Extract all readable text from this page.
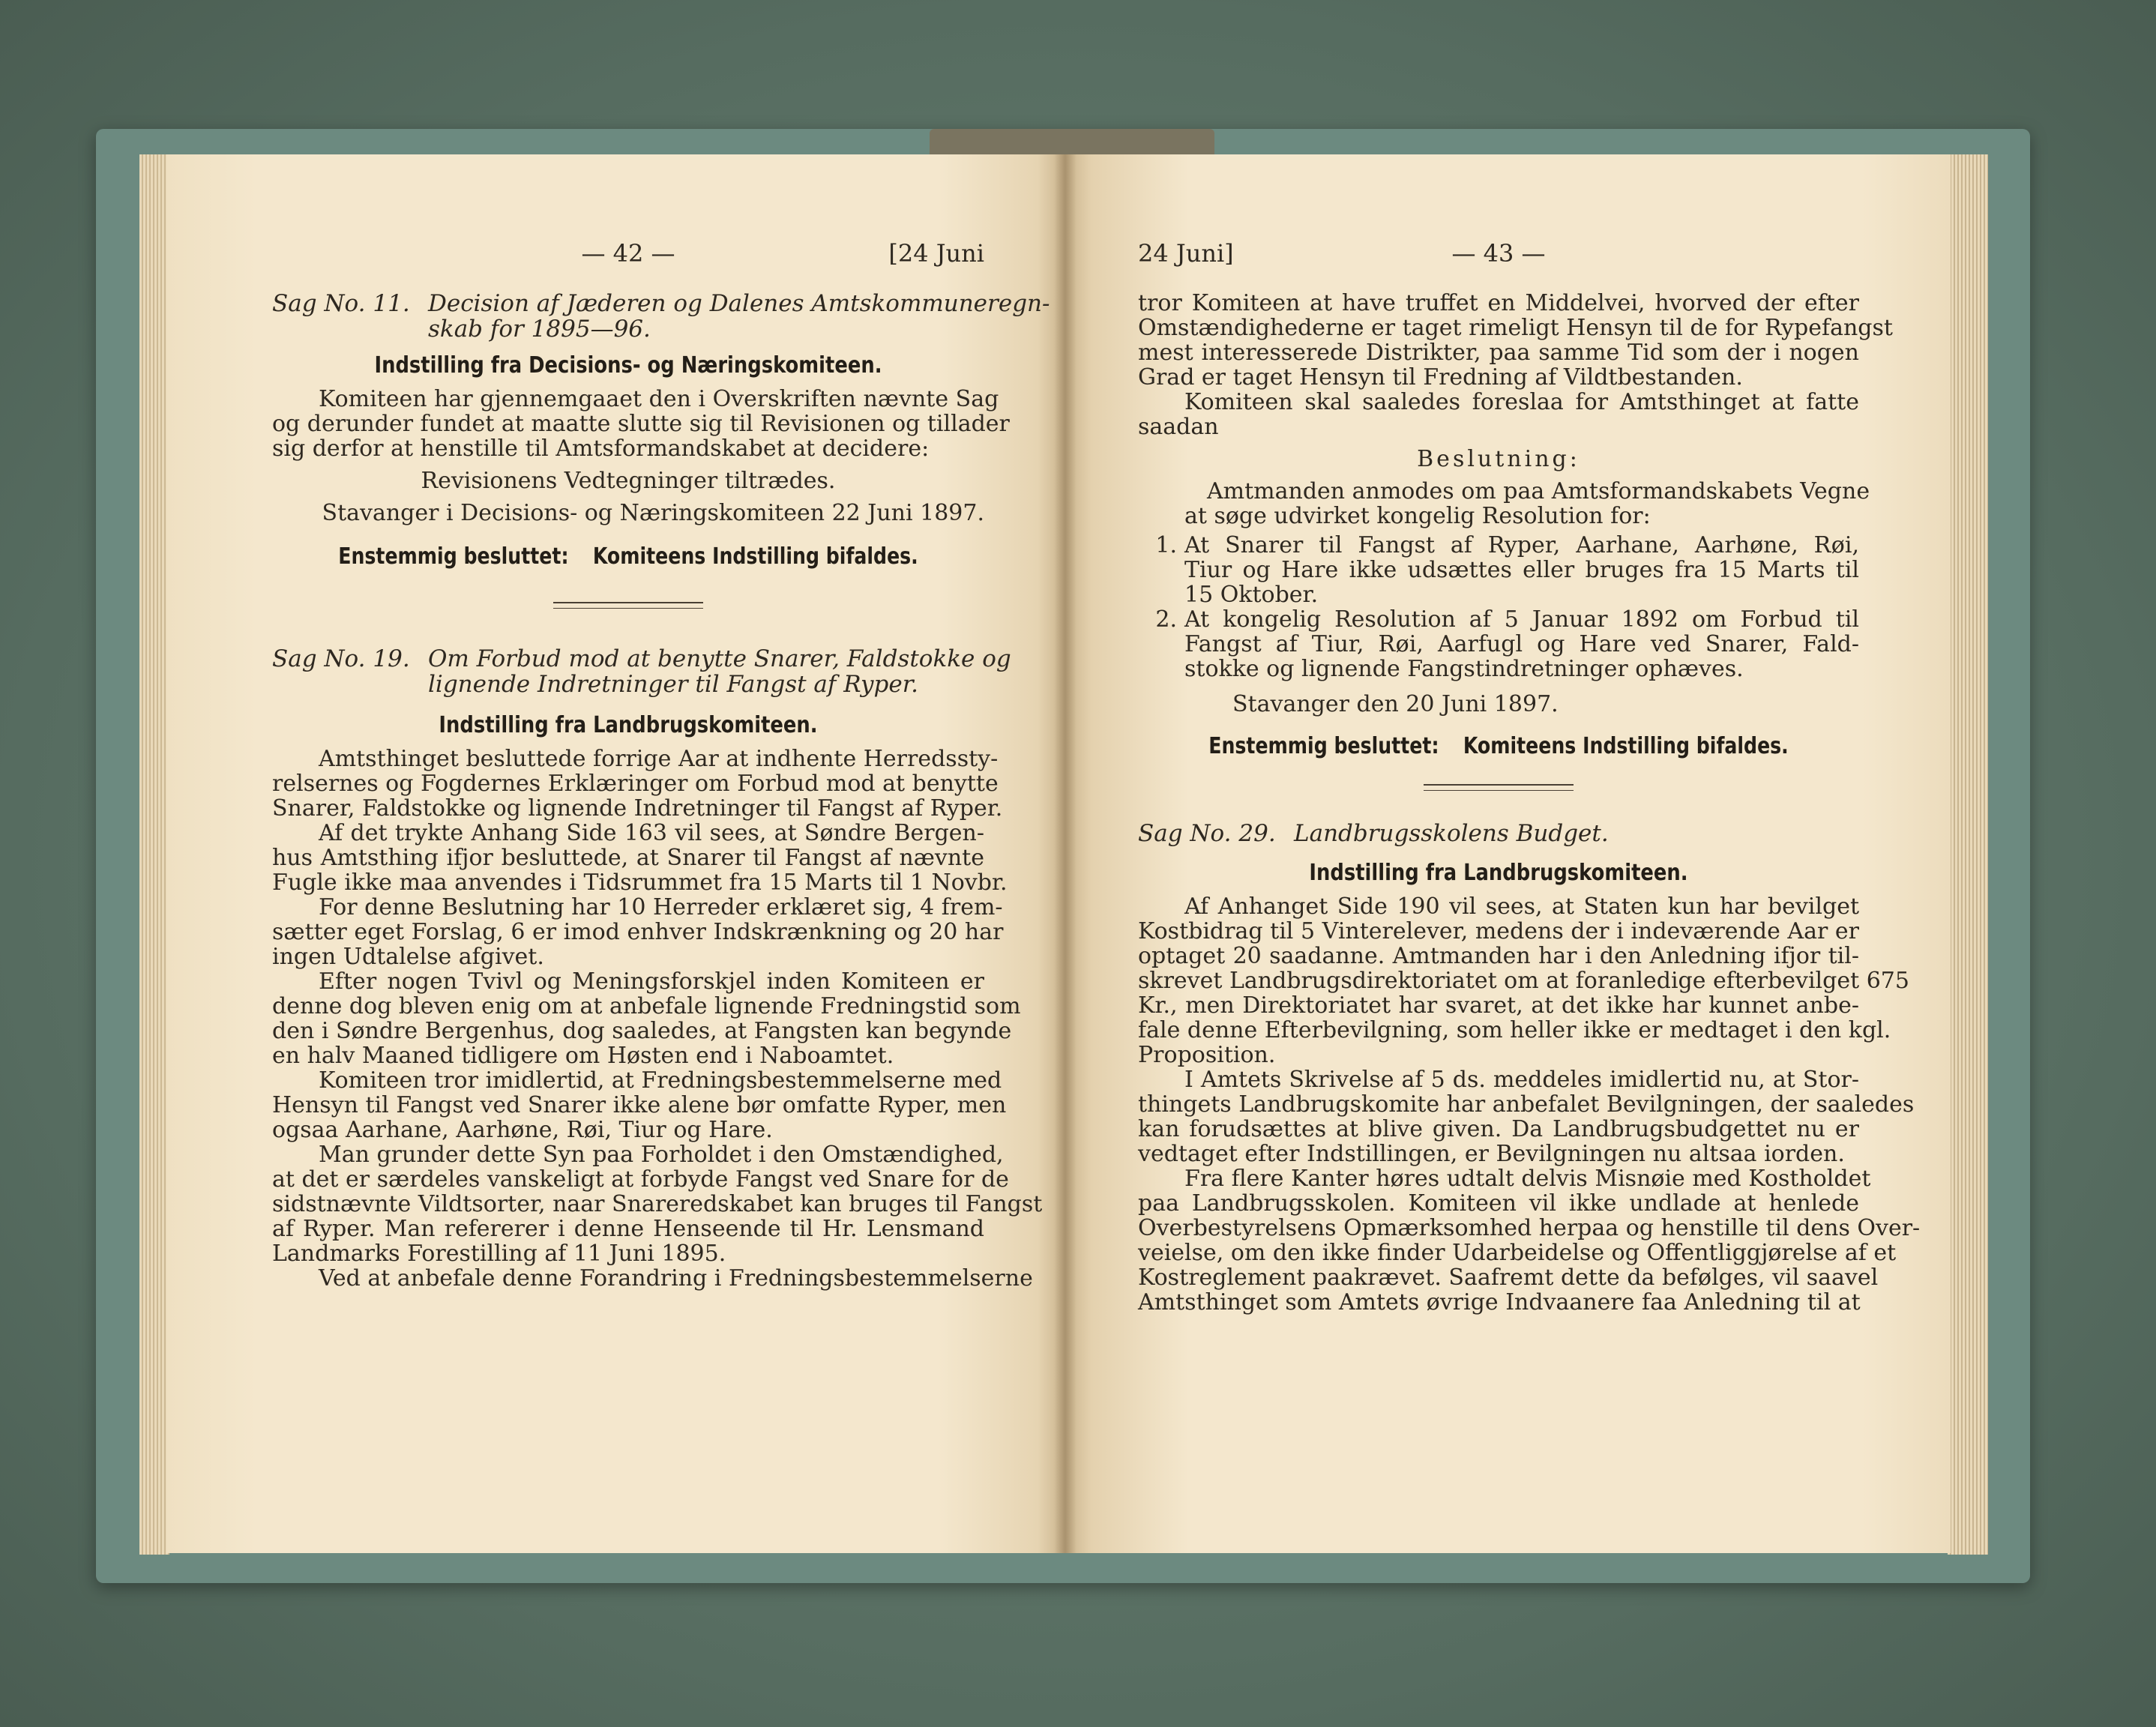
— 42 —	[24 Juni
Sag No. 11. Decision af Jæderen og Dalenes Amtskommuneregn-
skab for 1895—96.
Indstilling fra Decisions- og Næringskomiteen.
Komiteen har gjennemgaaet den i Overskriften nævnte Sag
og derunder fundet at maatte slutte sig til Revisionen og tillader
sig derfor at henstille til Amtsformandskabet at decidere:
Revisionens Vedtegninger tiltrædes.
Stavanger i Decisions- og Næringskomiteen 22 Juni 1897.
Enstemmig besluttet: Komiteens Indstilling bifaldes.
Sag No. 19. Om Forbud mod at benytte Snarer, Faldstokke og
lignende Indretninger til Fangst af Ryper.
Indstilling fra Landbrugskomiteen.
Amtsthinget besluttede forrige Aar at indhente Herredssty-
relsernes og Fogdernes Erklæringer om Forbud mod at benytte
Snarer, Faldstokke og lignende Indretninger til Fangst af Ryper.
Af det trykte Anhang Side 163 vil sees, at Søndre Bergen-
hus Amtsthing ifjor besluttede, at Snarer til Fangst af nævnte
Fugle ikke maa anvendes i Tidsrummet fra 15 Marts til 1 Novbr.
For denne Beslutning har 10 Herreder erklæret sig, 4 frem-
sætter eget Forslag, 6 er imod enhver Indskrænkning og 20 har
ingen Udtalelse afgivet.
Efter nogen Tvivl og Meningsforskjel inden Komiteen er
denne dog bleven enig om at anbefale lignende Fredningstid som
den i Søndre Bergenhus, dog saaledes, at Fangsten kan begynde
en halv Maaned tidligere om Høsten end i Naboamtet.
Komiteen tror imidlertid, at Fredningsbestemmelserne med
Hensyn til Fangst ved Snarer ikke alene bør omfatte Ryper, men
ogsaa Aarhane, Aarhøne, Røi, Tiur og Hare.
Man grunder dette Syn paa Forholdet i den Omstændighed,
at det er særdeles vanskeligt at forbyde Fangst ved Snare for de
sidstnævnte Vildtsorter, naar Snareredskabet kan bruges til Fangst
af Ryper. Man refererer i denne Henseende til Hr. Lensmand
Landmarks Forestilling af 11 Juni 1895.
Ved at anbefale denne Forandring i Fredningsbestemmelserne
24 Juni]	— 43 —
tror Komiteen at have truffet en Middelvei, hvorved der efter
Omstændighederne er taget rimeligt Hensyn til de for Rypefangst
mest interesserede Distrikter, paa samme Tid som der i nogen
Grad er taget Hensyn til Fredning af Vildtbestanden.
Komiteen skal saaledes foreslaa for Amtsthinget at fatte
saadan
Beslutning:
Amtmanden anmodes om paa Amtsformandskabets Vegne
at søge udvirket kongelig Resolution for:
1. At Snarer til Fangst af Ryper, Aarhane, Aarhøne, Røi,
Tiur og Hare ikke udsættes eller bruges fra 15 Marts til
15 Oktober.
2. At kongelig Resolution af 5 Januar 1892 om Forbud til
Fangst af Tiur, Røi, Aarfugl og Hare ved Snarer, Fald-
stokke og lignende Fangstindretninger ophæves.
Stavanger den 20 Juni 1897.
Enstemmig besluttet: Komiteens Indstilling bifaldes.
Sag No. 29. Landbrugsskolens Budget.
Indstilling fra Landbrugskomiteen.
Af Anhanget Side 190 vil sees, at Staten kun har bevilget
Kostbidrag til 5 Vinterelever, medens der i indeværende Aar er
optaget 20 saadanne. Amtmanden har i den Anledning ifjor til-
skrevet Landbrugsdirektoriatet om at foranledige efterbevilget 675
Kr., men Direktoriatet har svaret, at det ikke har kunnet anbe-
fale denne Efterbevilgning, som heller ikke er medtaget i den kgl.
Proposition.
I Amtets Skrivelse af 5 ds. meddeles imidlertid nu, at Stor-
thingets Landbrugskomite har anbefalet Bevilgningen, der saaledes
kan forudsættes at blive given. Da Landbrugsbudgettet nu er
vedtaget efter Indstillingen, er Bevilgningen nu altsaa iorden.
Fra flere Kanter høres udtalt delvis Misnøie med Kostholdet
paa Landbrugsskolen. Komiteen vil ikke undlade at henlede
Overbestyrelsens Opmærksomhed herpaa og henstille til dens Over-
veielse, om den ikke finder Udarbeidelse og Offentliggjørelse af et
Kostreglement paakrævet. Saafremt dette da befølges, vil saavel
Amtsthinget som Amtets øvrige Indvaanere faa Anledning til at
